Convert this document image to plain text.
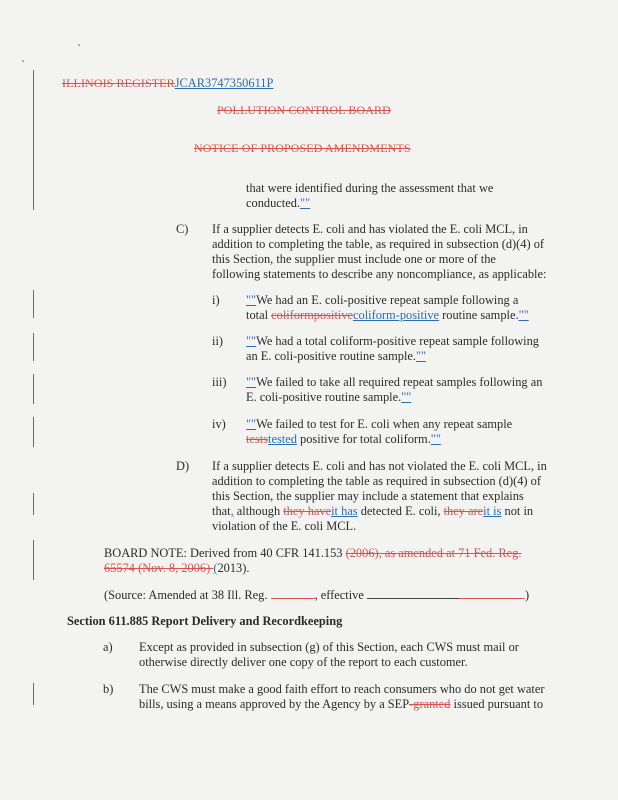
ILLINOIS REGISTERJCAR3747350611P
POLLUTION CONTROL BOARD
NOTICE OF PROPOSED AMENDMENTS
that were identified during the assessment that we
conducted.""
C) If a supplier detects E. coli and has violated the E. coli MCL, in
addition to completing the table, as required in subsection (d)(4) of
this Section, the supplier must include one or more of the
following statements to describe any noncompliance, as applicable:
i) ""We had an E. coli-positive repeat sample following a
total coliformpositivecoliform-positive routine sample.""
ii) ""We had a total coliform-positive repeat sample following
an E. coli-positive routine sample.""
iii) ""We failed to take all required repeat samples following an
E. coli-positive routine sample.""
iv) ""We failed to test for E. coli when any repeat sample
teststested positive for total coliform.""
D) If a supplier detects E. coli and has not violated the E. coli MCL, in
addition to completing the table as required in subsection (d)(4) of
this Section, the supplier may include a statement that explains
that, although they haveit has detected E. coli, they areit is not in
violation of the E. coli MCL.
BOARD NOTE: Derived from 40 CFR 141.153 (2006), as amended at 71 Fed. Reg.
65574 (Nov. 8, 2006) (2013).
(Source: Amended at 38 Ill. Reg.	, effective	)
Section 611.885 Report Delivery and Recordkeeping
a) Except as provided in subsection (g) of this Section, each CWS must mail or
otherwise directly deliver one copy of the report to each customer.
b) The CWS must make a good faith effort to reach consumers who do not get water
bills, using a means approved by the Agency by a SEP-granted issued pursuant to
